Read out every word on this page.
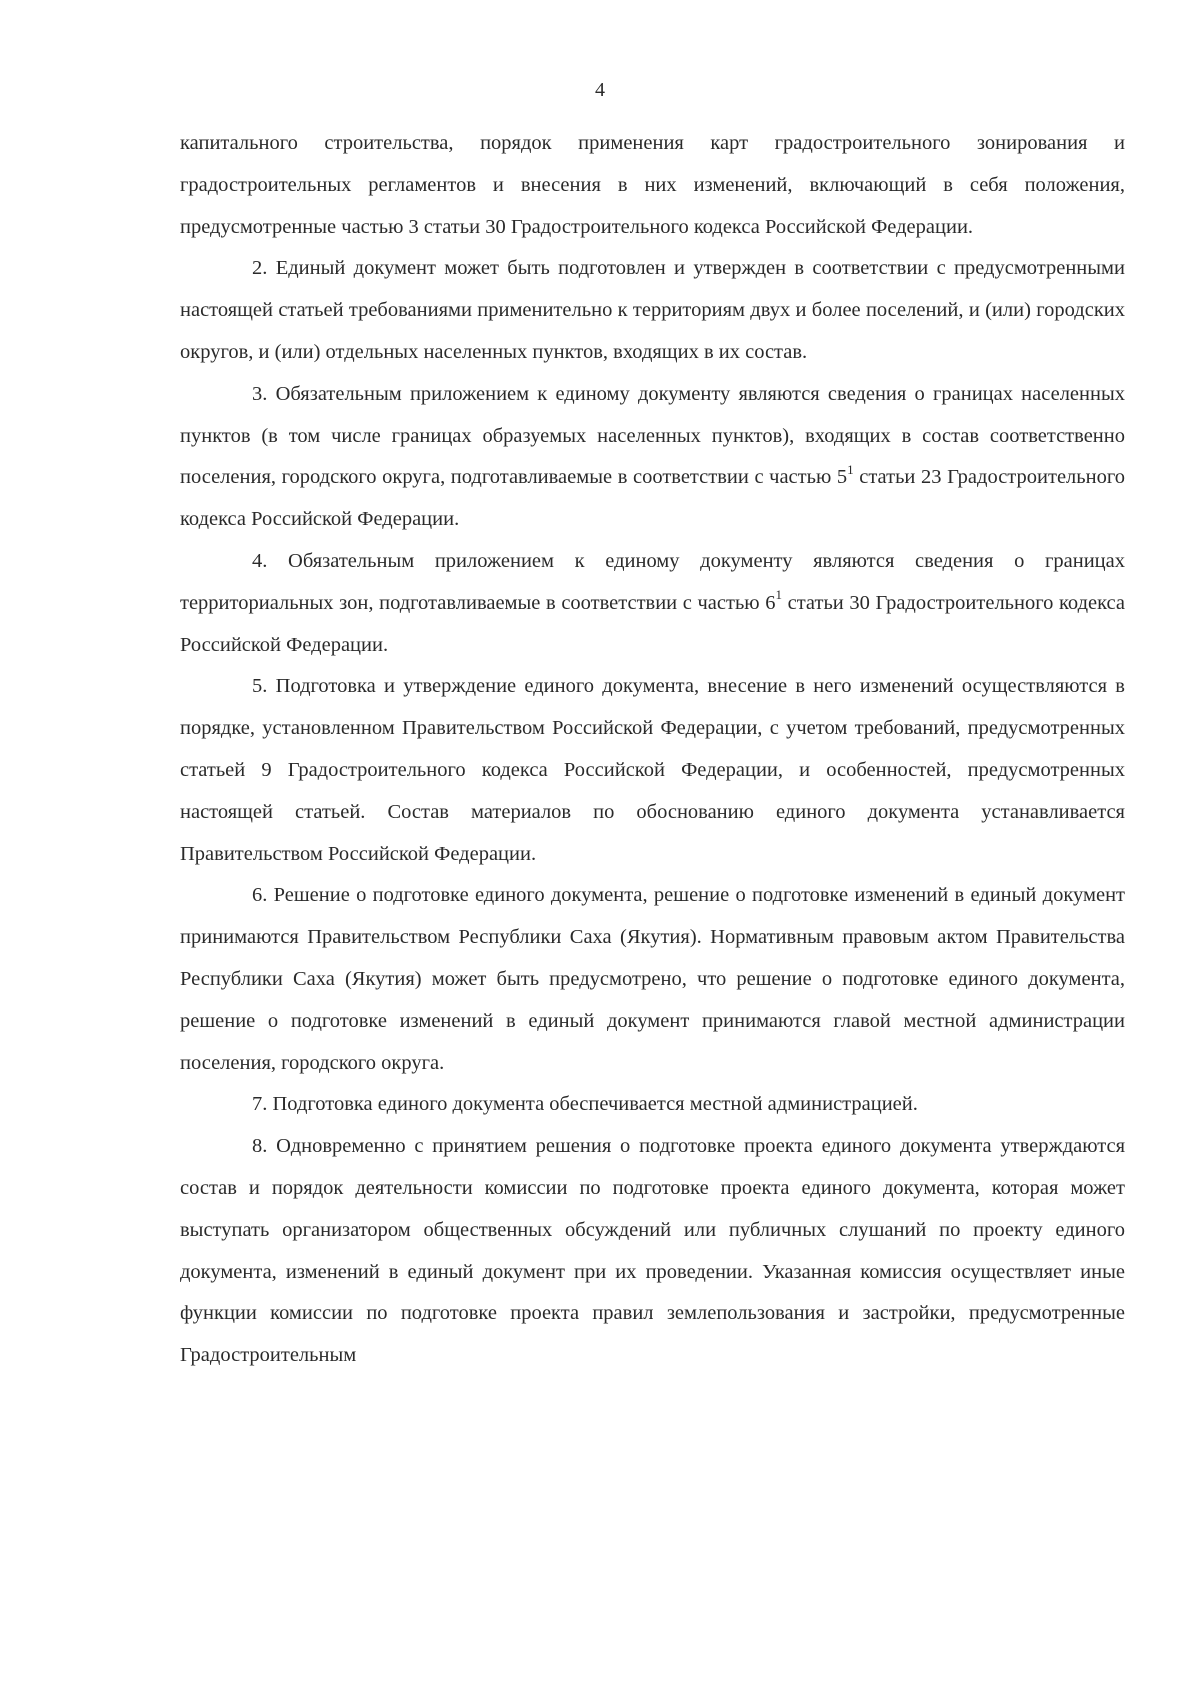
4

капитального строительства, порядок применения карт градостроительного зонирования и градостроительных регламентов и внесения в них изменений, включающий в себя положения, предусмотренные частью 3 статьи 30 Градостроительного кодекса Российской Федерации.

2. Единый документ может быть подготовлен и утвержден в соответствии с предусмотренными настоящей статьей требованиями применительно к территориям двух и более поселений, и (или) городских округов, и (или) отдельных населенных пунктов, входящих в их состав.

3. Обязательным приложением к единому документу являются сведения о границах населенных пунктов (в том числе границах образуемых населенных пунктов), входящих в состав соответственно поселения, городского округа, подготавливаемые в соответствии с частью $5^1$ статьи 23 Градостроительного кодекса Российской Федерации.

4. Обязательным приложением к единому документу являются сведения о границах территориальных зон, подготавливаемые в соответствии с частью $6^1$ статьи 30 Градостроительного кодекса Российской Федерации.

5. Подготовка и утверждение единого документа, внесение в него изменений осуществляются в порядке, установленном Правительством Российской Федерации, с учетом требований, предусмотренных статьей 9 Градостроительного кодекса Российской Федерации, и особенностей, предусмотренных настоящей статьей. Состав материалов по обоснованию единого документа устанавливается Правительством Российской Федерации.

6. Решение о подготовке единого документа, решение о подготовке изменений в единый документ принимаются Правительством Республики Саха (Якутия). Нормативным правовым актом Правительства Республики Саха (Якутия) может быть предусмотрено, что решение о подготовке единого документа, решение о подготовке изменений в единый документ принимаются главой местной администрации поселения, городского округа.

7. Подготовка единого документа обеспечивается местной администрацией.

8. Одновременно с принятием решения о подготовке проекта единого документа утверждаются состав и порядок деятельности комиссии по подготовке проекта единого документа, которая может выступать организатором общественных обсуждений или публичных слушаний по проекту единого документа, изменений в единый документ при их проведении. Указанная комиссия осуществляет иные функции комиссии по подготовке проекта правил землепользования и застройки, предусмотренные Градостроительным
